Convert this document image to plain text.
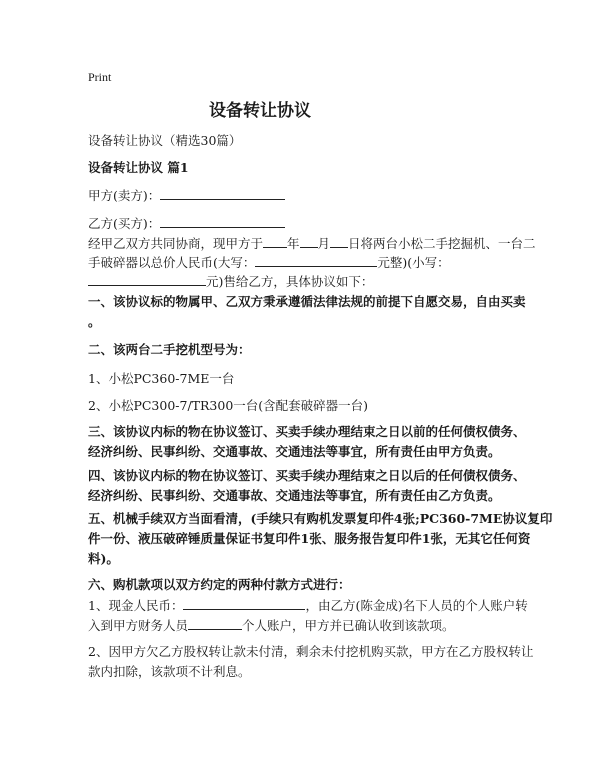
Print
设备转让协议
设备转让协议（精选30篇）
设备转让协议 篇1
甲方(卖方)：
乙方(买方)：
经甲乙双方共同协商，现甲方于 年 月 日将两台小松二手挖掘机、一台二
手破碎器以总价人民币(大写：	元整)(小写：
元)售给乙方，具体协议如下：
一、该协议标的物属甲、乙双方秉承遵循法律法规的前提下自愿交易，自由买卖
。
二、该两台二手挖机型号为：
1、小松PC360-7ME一台
2、小松PC300-7/TR300一台(含配套破碎器一台)
三、该协议内标的物在协议签订、买卖手续办理结束之日以前的任何债权债务、
经济纠纷、民事纠纷、交通事故、交通违法等事宜，所有责任由甲方负责。
四、该协议内标的物在协议签订、买卖手续办理结束之日以后的任何债权债务、
经济纠纷、民事纠纷、交通事故、交通违法等事宜，所有责任由乙方负责。
五、机械手续双方当面看清，(手续只有购机发票复印件4张;PC360-7ME协议复印
件一份、液压破碎锤质量保证书复印件1张、服务报告复印件1张，无其它任何资
料)。
六、购机款项以双方约定的两种付款方式进行：
1、现金人民币：	，由乙方(陈金成)名下人员的个人账户转
入到甲方财务人员	个人账户，甲方并已确认收到该款项。
2、因甲方欠乙方股权转让款未付清，剩余未付挖机购买款，甲方在乙方股权转让
款内扣除，该款项不计利息。
